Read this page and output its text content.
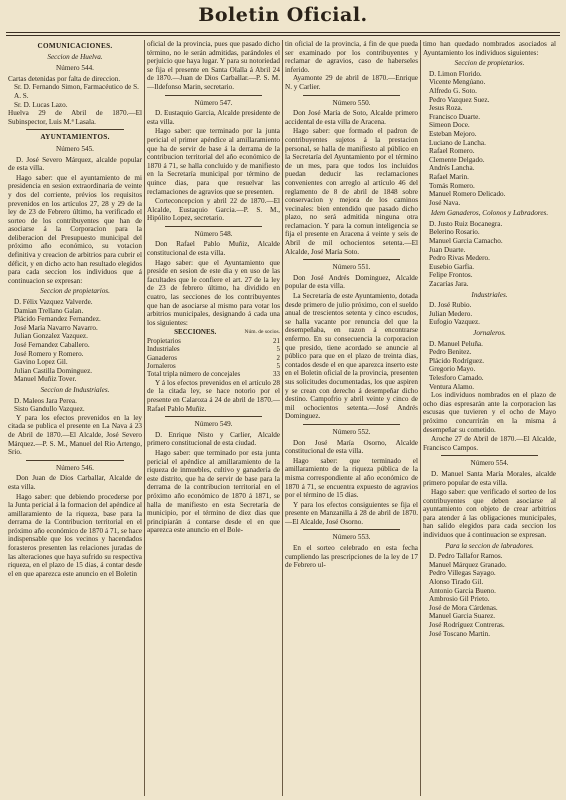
Boletin Oficial.
COMUNICACIONES.
Seccion de Huelva.
Número 544.
Cartas detenidas por falta de direccion.
Sr. D. Fernando Simon, Farmacéutico de S. A. S.
Sr. D. Lucas Lazo.
Huelva 29 de Abril de 1870.—El Subinspector, Luis M.ª Lasala.
AYUNTAMIENTOS.
Número 545.
D. José Severo Márquez, alcalde popular de esta villa.
Hago saber: que el ayuntamiento de mi presidencia en sesion extraordinaria de veinte y dos del corriente, prévios los requisitos prevenidos en los artículos 27, 28 y 29 de la ley de 23 de Febrero último, ha verificado el sorteo de los contribuyentes que han de asociarse á la Corporacion para la deliberacion del Presupuesto municipal del próximo año económico, su votacion definitiva y creacion de arbitrios para cubrir el déficit, y en dicho acto han resultado elegidos para cada seccion los individuos que á continuacion se expresan:
Seccion de propietarios.
D. Félix Vazquez Valverde.
Damian Trellano Galan.
Plácido Fernandez Fernandez.
José María Navarro Navarro.
Julian Gonzalez Vazquez.
José Fernandez Caballero.
José Romero y Romero.
Gavino Lopez Gil.
Julian Castilla Dominguez.
Manuel Muñiz Tover.
Seccion de Industriales.
D. Maleos Jara Perea.
Sisto Gandullo Vazquez.
Y para los efectos prevenidos en la ley citada se publica el presente en La Nava á 23 de Abril de 1870.—El Alcalde, José Severo Márquez.—P. S. M., Manuel del Rio Artengo, Srio.
Número 546.
Don Juan de Dios Carballar, Alcalde de esta villa.
Hago saber: que debiendo procederse por la Junta pericial á la formacion del apéndice al amillaramiento de la riqueza, base para la derrama de la Contribucion territorial en el próximo año económico de 1870 á 71, se hace indispensable que los vecinos y hacendados forasteros presenten las relaciones juradas de las alteraciones que haya sufrido su respectiva riqueza, en el plazo de 15 dias, á contar desde el en que aparezca este anuncio en el Boletin
oficial de la provincia, pues que pasado dicho término, no le serán admitidas, parándoles el perjuicio que haya lugar. Y para su notoriedad se fija el presente en Santa Olalla á Abril 24 de 1870.—Juan de Dios Carballar.—P. S. M.—Ildefonso Marin, secretario.
Número 547.
D. Eustaquio Garcia, Alcalde presidente de esta villa.
Hago saber: que terminado por la junta pericial el primer apéndice al amillaramiento que ha de servir de base á la derrama de la contribucion territorial del año económico de 1870 á 71, se halla concluido y de manifiesto en la Secretaría municipal por término de quince dias, para que resuelvar las reclamaciones de agravios que se presenten.
Corteconcepcion y abril 22 de 1870.—El Alcalde, Eustaquio Garcia.—P. S. M., Hipólito Lopez, secretario.
Número 548.
Don Rafael Pablo Muñiz, Alcalde constitucional de esta villa.
Hago saber: que el Ayuntamiento que preside en sesion de este dia y en uso de las facultades que le confiere el art. 27 de la ley de 23 de febrero último, ha dividido en cuatro, las secciones de los contribuyentes que han de asociarse al mismo para votar los arbitrios municipales, designando á cada una los siguientes:
SECCIONES.	Núm. de socios.
Propietarios	21
Industriales	5
Ganaderos	2
Jornaleros	5
Total tripla número de concejales	33
Y á los efectos prevenidos en el artículo 28 de la citada ley, se hace notorio por el presente en Calaroza á 24 de abril de 1870.—Rafael Pablo Muñiz.
Número 549.
D. Enrique Nisto y Carlier, Alcalde primero constitucional de esta ciudad.
Hago saber: que terminado por esta junta pericial el apéndice al amillaramiento de la riqueza de inmuebles, cultivo y ganadería de este distrito, que ha de servir de base para la derrama de la contribucion territorial en el próximo año económico de 1870 á 1871, se halla de manifiesto en esta Secretaría de municipio, por el término de diez dias que principiarán á contarse desde el en que aparezca este anuncio en el Bole-
tin oficial de la provincia, á fin de que pueda ser examinado por los contribuyentes y reclamar de agravios, caso de haberseles inferido.
Ayamonte 29 de abril de 1870.—Enrique N. y Carlier.
Número 550.
Don José María de Soto, Alcalde primero accidental de esta villa de Aracena.
Hago saber: que formado el padron de contribuyentes sujetos á la prestacion personal, se halla de manifiesto al público en la Secretaría del Ayuntamiento por el término de un mes, para que todos los incluidos puedan deducir las reclamaciones convenientes con arreglo al artículo 46 del reglamento de 8 de abril de 1848 sobre conservacion y mejora de los caminos vecinales: bien entendido que pasado dicho plazo, no será admitida ninguna otra reclamacion. Y para la comun inteligencia se fija el presente en Aracena á veinte y seis de Abril de mil ochocientos setenta.—El Alcalde, José María Soto.
Número 551.
Don José Andrés Dominguez, Alcalde popular de esta villa.
La Secretaría de este Ayuntamiento, dotada desde primero de julio próximo, con el sueldo anual de trescientos setenta y cinco escudos, se halla vacante por renuncia del que la desempeñaba, en razon á encontrarse enfermo. En su consecuencia la corporacion que presido, tiene acordado se anuncie al público para que en el plazo de treinta dias, contados desde el en que aparezca inserto este en el Boletin oficial de la provincia, presenten sus solicitudes documentadas, los que aspiren y se crean con derecho á desempeñar dicho destino. Campofrio y abril veinte y cinco de mil ochocientos setenta.—José Andrés Dominguez.
Número 552.
Don José María Osorno, Alcalde constitucional de esta villa.
Hago saber: que terminado el amillaramiento de la riqueza pública de la misma correspondiente al año económico de 1870 á 71, se encuentra expuesto de agravios por el término de 15 dias.
Y para los efectos consiguientes se fija el presente en Manzanilla á 28 de abril de 1870.—El Alcalde, José Osorno.
Número 553.
En el sorteo celebrado en esta fecha cumpliendo las prescripciones de la ley de 17 de Febrero ul-
timo han quedado nombrados asociados al Ayuntamiento los individuos siguientes:
Seccion de propietarios.
D. Limon Florido.
Vicente Mengúano.
Alfredo G. Soto.
Pedro Vazquez Suez.
Jesus Roza.
Francisco Duarte.
Simeon Doce.
Esteban Mejoro.
Luciano de Lancha.
Rafael Romero.
Clemente Delgado.
Andrés Lancha.
Rafael Marin.
Tomás Romero.
Manuel Romero Delicado.
José Nava.
Idem Ganaderos, Colonos y Labradores.
D. Justo Ruiz Bocanegra.
Belerino Rosario.
Manuel Garcia Camacho.
Juan Duarte.
Pedro Rivas Medero.
Eusebio Garfia.
Felipe Frontos.
Zacarías Jara.
Industriales.
D. José Rubio.
Julian Medero.
Eufogio Vazquez.
Jornaleros.
D. Manuel Peluña.
Pedro Benitez.
Plácido Rodríguez.
Gregorio Mayo.
Telesforo Camado.
Ventura Alamo.
Los individuos nombrados en el plazo de ocho dias espresarán ante la corporacion las escusas que tuvieren y el ocho de Mayo próximo concurrirán en la misma á desempeñar su cometido.
Aroche 27 de Abril de 1870.—El Alcalde, Francisco Campos.
Número 554.
D. Manuel Santa María Morales, alcalde primero popular de esta villa.
Hago saber: que verificado el sorteo de los contribuyentes que deben asociarse al ayuntamiento con objeto de crear arbitrios para atender á las obligaciones municipales, han salido elegidos para cada seccion los individuos que á continuacion se expresan.
Para la seccion de labradores.
D. Pedro Tallafor Ramos.
Manuel Márquez Granado.
Pedro Villegas Sayago.
Alonso Tirado Gil.
Antonio Garcia Bueno.
Ambrosio Gil Prieto.
José de Mora Cárdenas.
Manuel Garcia Suarez.
José Rodríguez Contreras.
José Toscano Martin.
